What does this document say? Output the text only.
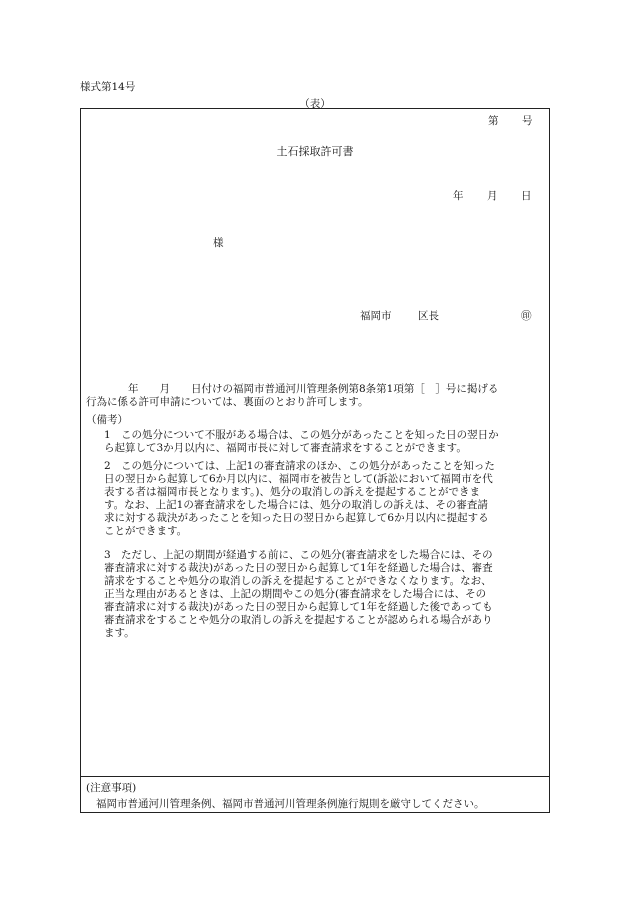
様式第14号
（表）
第 号
土石採取許可書
年 月 日
様
福岡市	区長	㊞
　　　　年　　月　　日付けの福岡市普通河川管理条例第8条第1項第［　］号に掲げる
行為に係る許可申請については、裏面のとおり許可します。
（備考）
1 この処分について不服がある場合は、この処分があったことを知った日の翌日か
ら起算して3か月以内に、福岡市長に対して審査請求をすることができます。
2 この処分については、上記1の審査請求のほか、この処分があったことを知った
日の翌日から起算して6か月以内に、福岡市を被告として(訴訟において福岡市を代
表する者は福岡市長となります。)、処分の取消しの訴えを提起することができま
す。なお、上記1の審査請求をした場合には、処分の取消しの訴えは、その審査請
求に対する裁決があったことを知った日の翌日から起算して6か月以内に提起する
ことができます。
3 ただし、上記の期間が経過する前に、この処分(審査請求をした場合には、その
審査請求に対する裁決)があった日の翌日から起算して1年を経過した場合は、審査
請求をすることや処分の取消しの訴えを提起することができなくなります。なお、
正当な理由があるときは、上記の期間やこの処分(審査請求をした場合には、その
審査請求に対する裁決)があった日の翌日から起算して1年を経過した後であっても
審査請求をすることや処分の取消しの訴えを提起することが認められる場合があり
ます。
(注意事項)
福岡市普通河川管理条例、福岡市普通河川管理条例施行規則を厳守してください。
